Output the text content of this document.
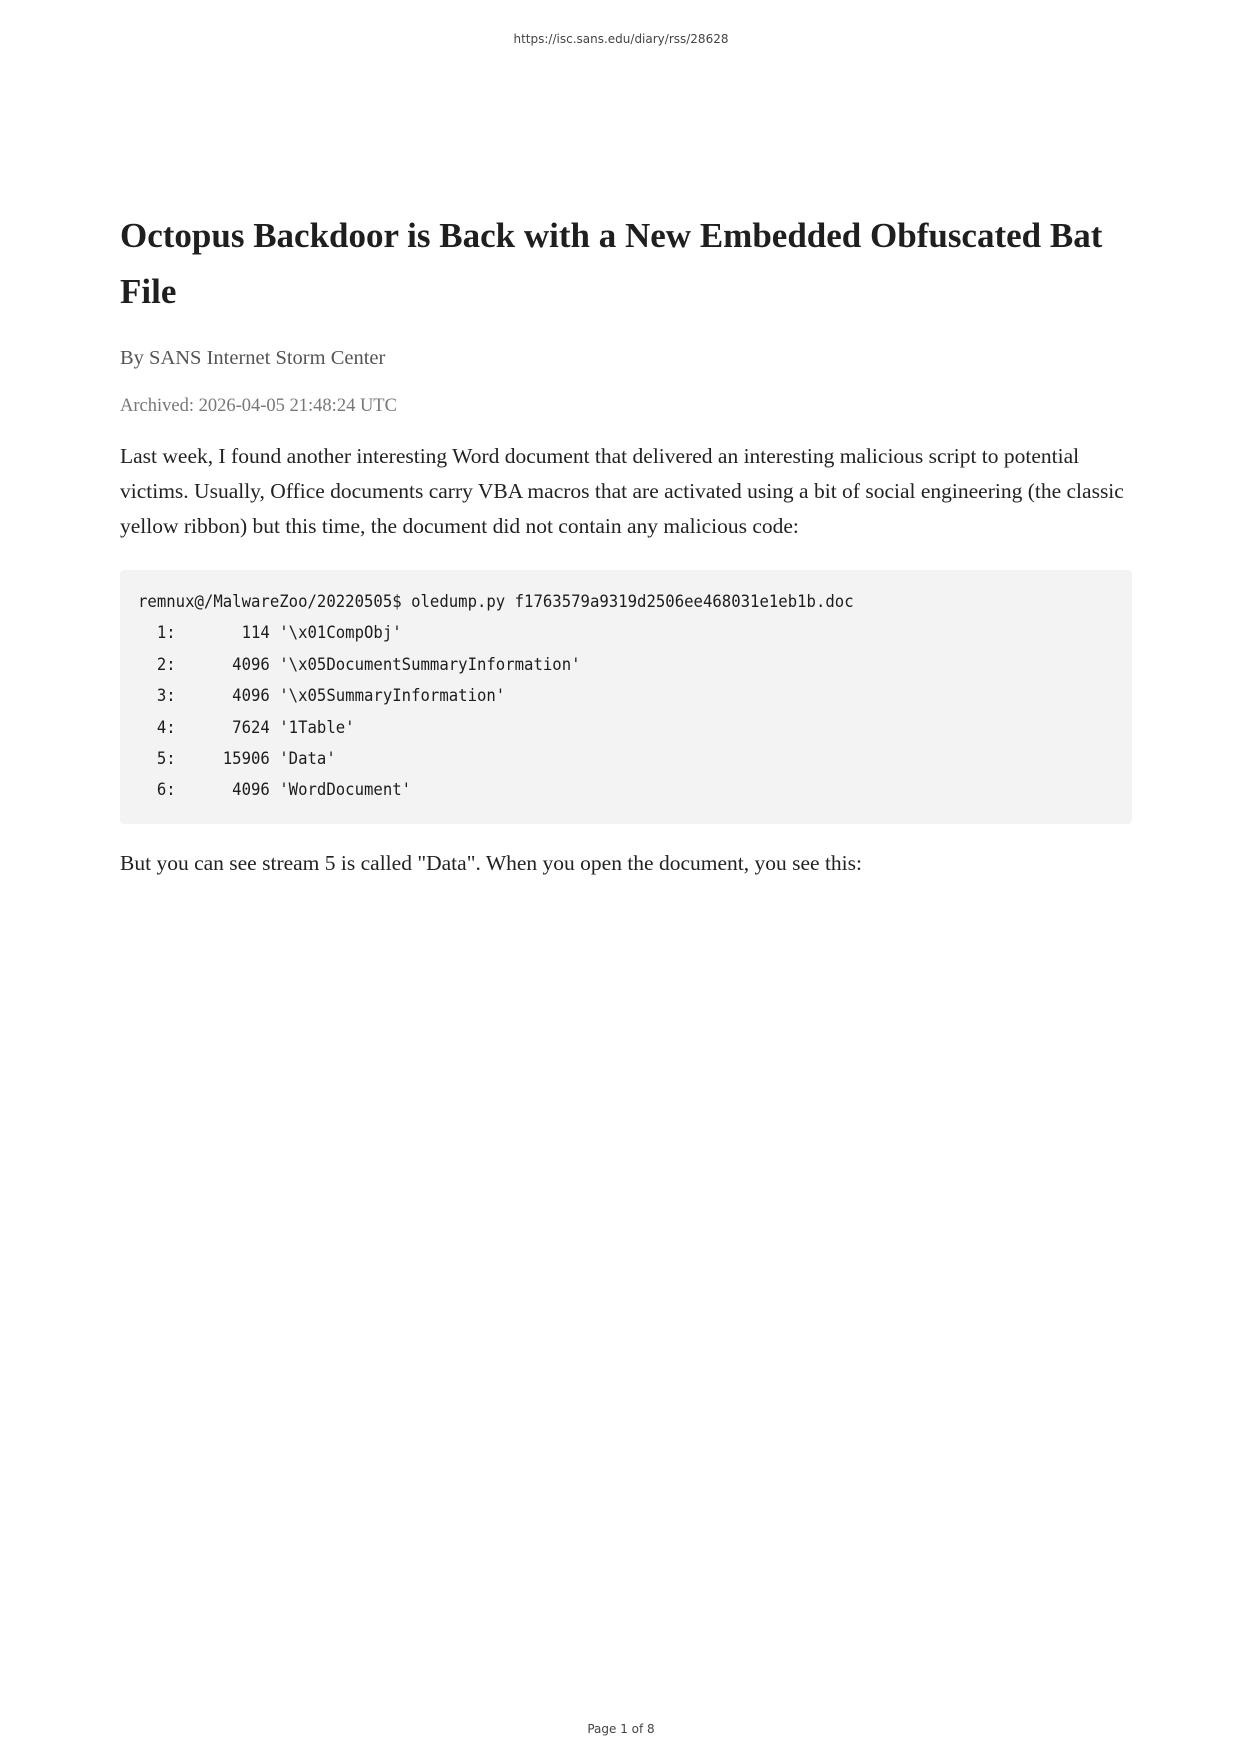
https://isc.sans.edu/diary/rss/28628
Octopus Backdoor is Back with a New Embedded Obfuscated Bat File

By SANS Internet Storm Center

Archived: 2026-04-05 21:48:24 UTC

Last week, I found another interesting Word document that delivered an interesting malicious script to potential victims. Usually, Office documents carry VBA macros that are activated using a bit of social engineering (the classic yellow ribbon) but this time, the document did not contain any malicious code:

remnux@/MalwareZoo/20220505$ oledump.py f1763579a9319d2506ee468031e1eb1b.doc
1:       114 '\x01CompObj'
2:      4096 '\x05DocumentSummaryInformation'
3:      4096 '\x05SummaryInformation'
4:      7624 '1Table'
5:     15906 'Data'
6:      4096 'WordDocument'

But you can see stream 5 is called "Data". When you open the document, you see this:

Page 1 of 8
